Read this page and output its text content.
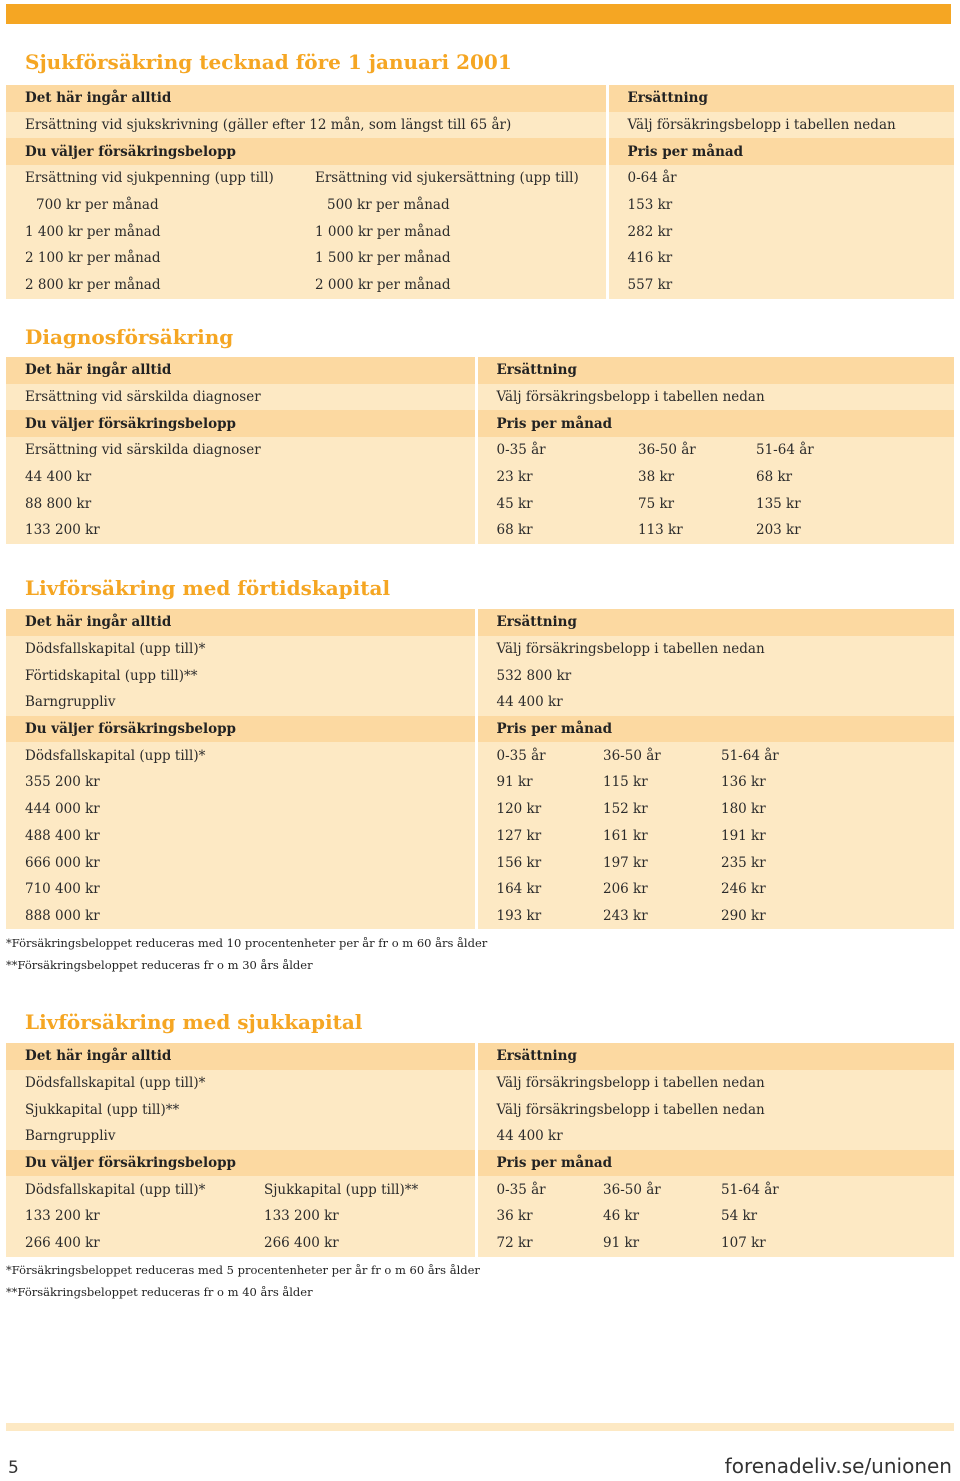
Sjukförsäkring tecknad före 1 januari 2001
Det här ingår alltid		Ersättning
Ersättning vid sjukskrivning (gäller efter 12 mån, som längst till 65 år)		Välj försäkringsbelopp i tabellen nedan
Du väljer försäkringsbelopp		Pris per månad
Ersättning vid sjukpenning (upp till)	Ersättning vid sjukersättning (upp till)	0-64 år
700 kr per månad	500 kr per månad	153 kr
1 400 kr per månad	1 000 kr per månad	282 kr
2 100 kr per månad	1 500 kr per månad	416 kr
2 800 kr per månad	2 000 kr per månad	557 kr
Diagnosförsäkring
Det här ingår alltid	Ersättning		
Ersättning vid särskilda diagnoser	Välj försäkringsbelopp i tabellen nedan		
Du väljer försäkringsbelopp	Pris per månad		
Ersättning vid särskilda diagnoser	0-35 år	36-50 år	51-64 år
44 400 kr	23 kr	38 kr	68 kr
88 800 kr	45 kr	75 kr	135 kr
133 200 kr	68 kr	113 kr	203 kr
Livförsäkring med förtidskapital
Det här ingår alltid	Ersättning		
Dödsfallskapital (upp till)*	Välj försäkringsbelopp i tabellen nedan		
Förtidskapital (upp till)**	532 800 kr		
Barngruppliv	44 400 kr		
Du väljer försäkringsbelopp	Pris per månad		
Dödsfallskapital (upp till)*	0-35 år	36-50 år	51-64 år
355 200 kr	91 kr	115 kr	136 kr
444 000 kr	120 kr	152 kr	180 kr
488 400 kr	127 kr	161 kr	191 kr
666 000 kr	156 kr	197 kr	235 kr
710 400 kr	164 kr	206 kr	246 kr
888 000 kr	193 kr	243 kr	290 kr
*Försäkringsbeloppet reduceras med 10 procentenheter per år fr o m 60 års ålder
**Försäkringsbeloppet reduceras fr o m 30 års ålder
Livförsäkring med sjukkapital
Det här ingår alltid		Ersättning		
Dödsfallskapital (upp till)*		Välj försäkringsbelopp i tabellen nedan		
Sjukkapital (upp till)**		Välj försäkringsbelopp i tabellen nedan		
Barngruppliv		44 400 kr		
Du väljer försäkringsbelopp		Pris per månad		
Dödsfallskapital (upp till)*	Sjukkapital (upp till)**	0-35 år	36-50 år	51-64 år
133 200 kr	133 200 kr	36 kr	46 kr	54 kr
266 400 kr	266 400 kr	72 kr	91 kr	107 kr
*Försäkringsbeloppet reduceras med 5 procentenheter per år fr o m 60 års ålder
**Försäkringsbeloppet reduceras fr o m 40 års ålder
5	forenadeliv.se/unionen
